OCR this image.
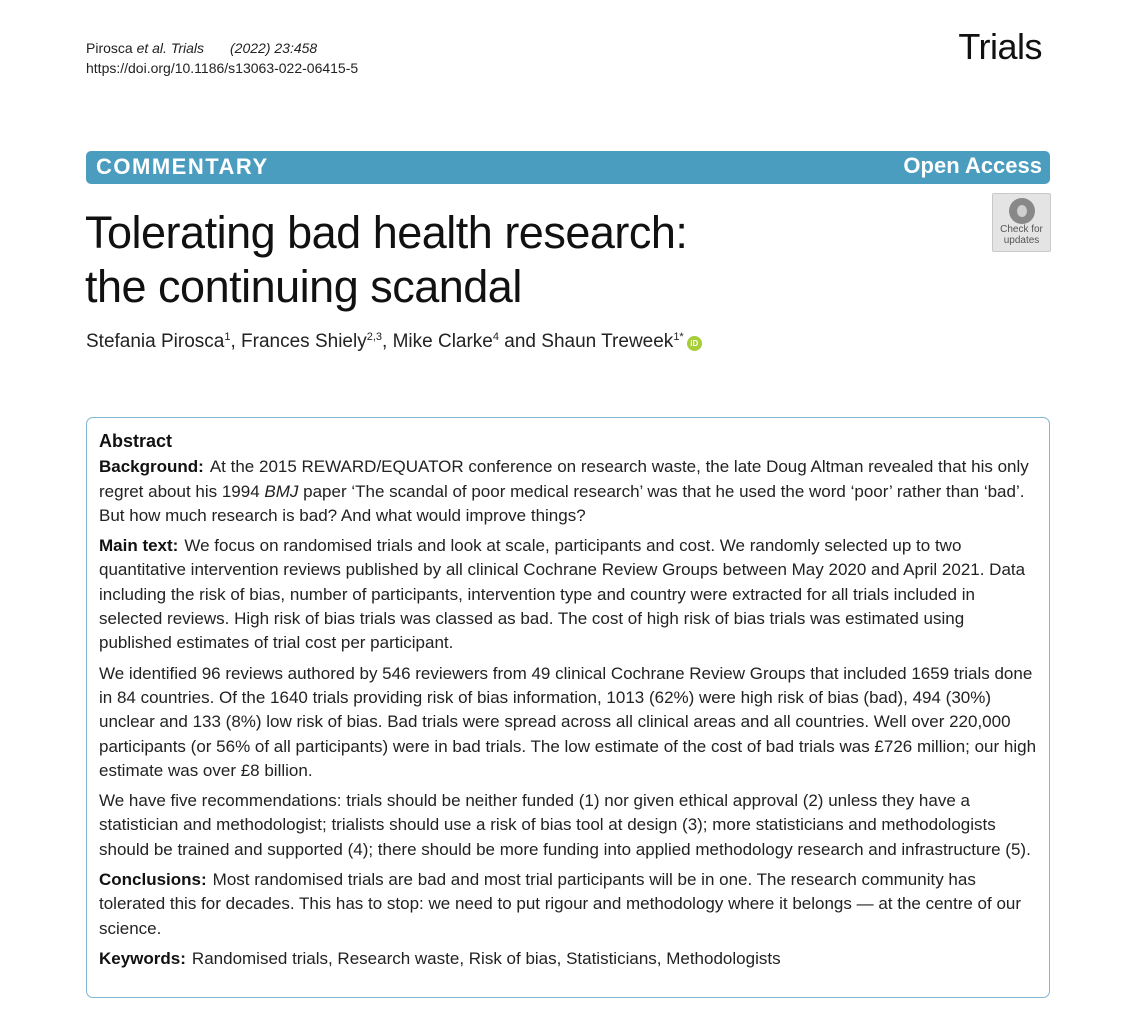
Pirosca et al. Trials (2022) 23:458
https://doi.org/10.1186/s13063-022-06415-5
Trials
COMMENTARY	Open Access
Tolerating bad health research:
the continuing scandal
Check for
updates
Stefania Pirosca$^1$, Frances Shiely$^{2,3}$, Mike Clarke$^4$ and Shaun Treweek$^{1*}$iD
Abstract

Background: At the 2015 REWARD/EQUATOR conference on research waste, the late Doug Altman revealed that his only regret about his 1994 BMJ paper ‘The scandal of poor medical research’ was that he used the word ‘poor’ rather than ‘bad’. But how much research is bad? And what would improve things?

Main text: We focus on randomised trials and look at scale, participants and cost. We randomly selected up to two quantitative intervention reviews published by all clinical Cochrane Review Groups between May 2020 and April 2021. Data including the risk of bias, number of participants, intervention type and country were extracted for all trials included in selected reviews. High risk of bias trials was classed as bad. The cost of high risk of bias trials was estimated using published estimates of trial cost per participant.

We identified 96 reviews authored by 546 reviewers from 49 clinical Cochrane Review Groups that included 1659 trials done in 84 countries. Of the 1640 trials providing risk of bias information, 1013 (62%) were high risk of bias (bad), 494 (30%) unclear and 133 (8%) low risk of bias. Bad trials were spread across all clinical areas and all countries. Well over 220,000 participants (or 56% of all participants) were in bad trials. The low estimate of the cost of bad trials was £726 million; our high estimate was over £8 billion.

We have five recommendations: trials should be neither funded (1) nor given ethical approval (2) unless they have a statistician and methodologist; trialists should use a risk of bias tool at design (3); more statisticians and methodologists should be trained and supported (4); there should be more funding into applied methodology research and infrastructure (5).

Conclusions: Most randomised trials are bad and most trial participants will be in one. The research community has tolerated this for decades. This has to stop: we need to put rigour and methodology where it belongs — at the centre of our science.

Keywords: Randomised trials, Research waste, Risk of bias, Statisticians, Methodologists
